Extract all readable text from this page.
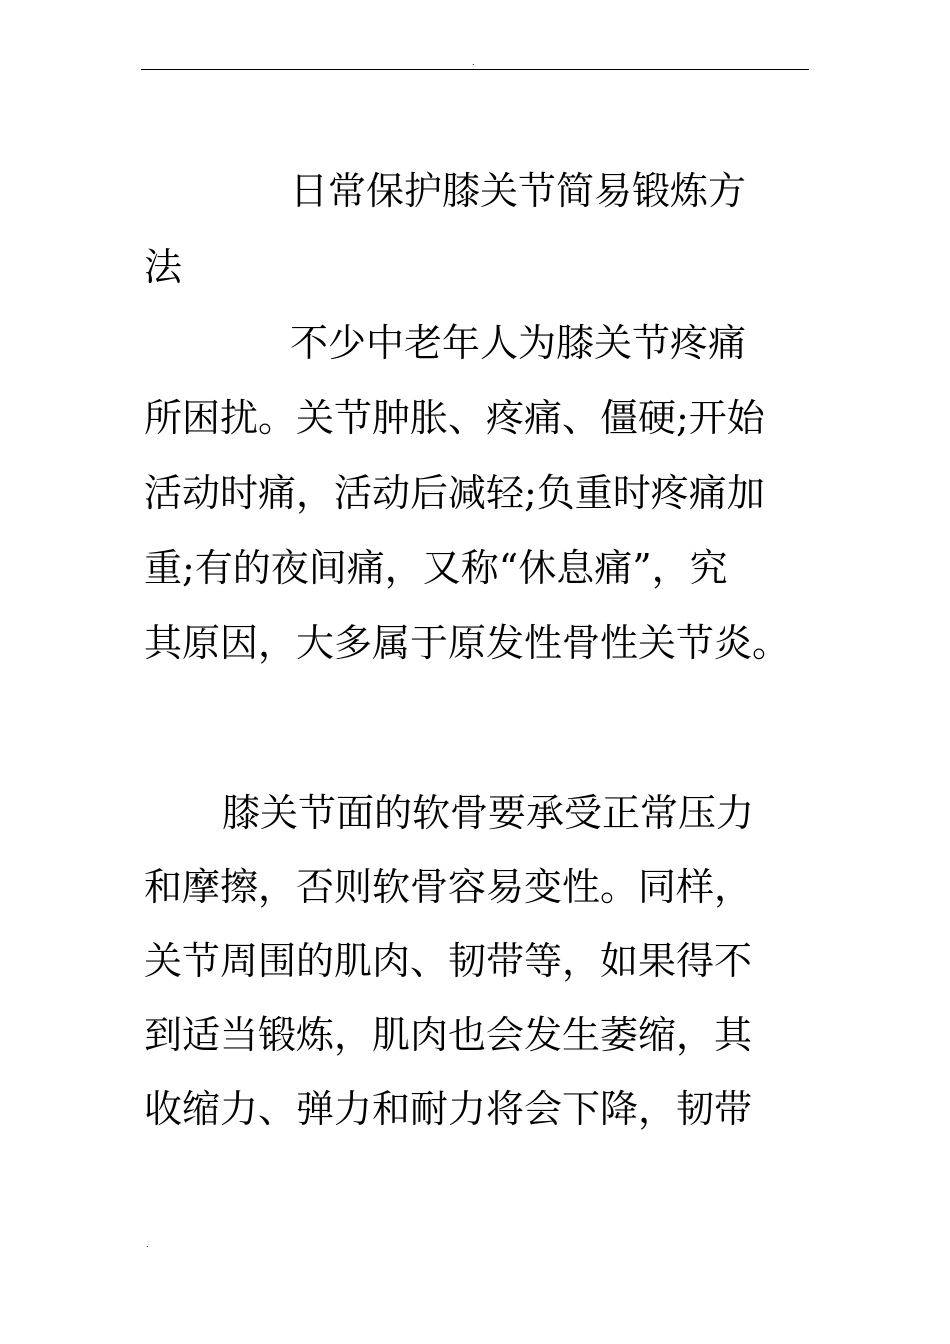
.
日常保护膝关节简易锻炼方
法
不少中老年人为膝关节疼痛
所困扰。关节肿胀、疼痛、僵硬;开始
活动时痛，活动后减轻;负重时疼痛加
重;有的夜间痛，又称“休息痛”，究
其原因，大多属于原发性骨性关节炎。
膝关节面的软骨要承受正常压力
和摩擦，否则软骨容易变性。同样，
关节周围的肌肉、韧带等，如果得不
到适当锻炼，肌肉也会发生萎缩，其
收缩力、弹力和耐力将会下降，韧带
.
